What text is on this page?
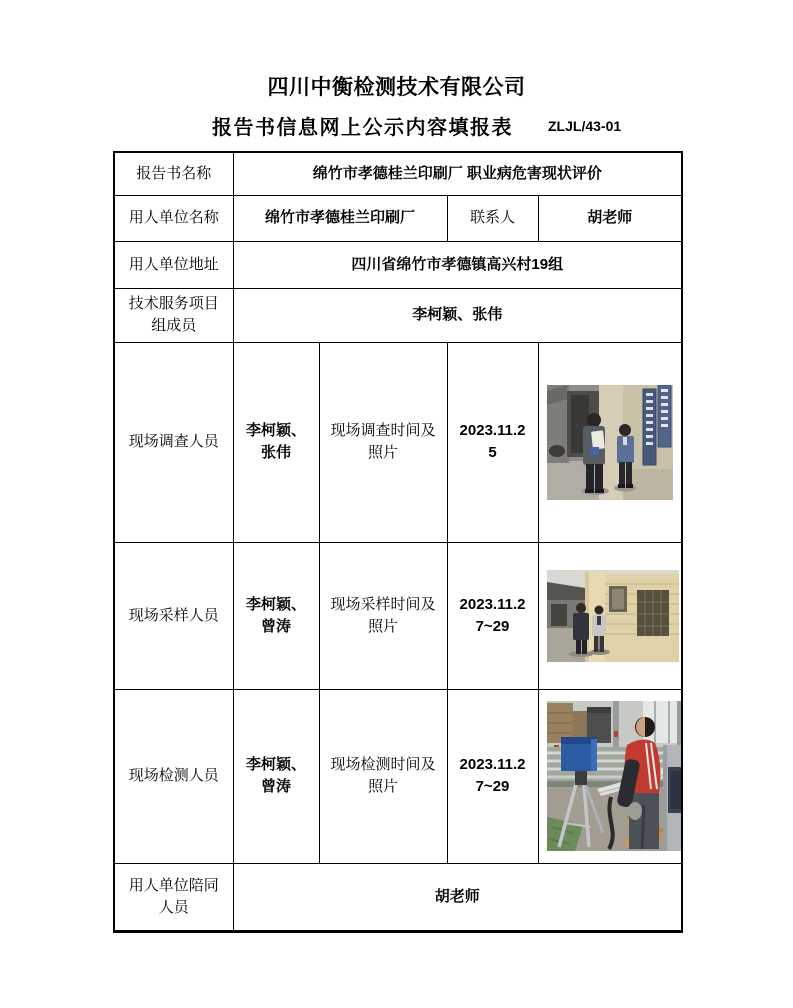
四川中衡检测技术有限公司
报告书信息网上公示内容填报表	ZLJL/43-01
报告书名称	绵竹市孝德桂兰印刷厂 职业病危害现状评价			
用人单位名称	绵竹市孝德桂兰印刷厂		联系人	胡老师
用人单位地址	四川省绵竹市孝德镇高兴村19组			
技术服务项目组成员	李柯颖、张伟			
现场调查人员	李柯颖、张伟	现场调查时间及照片	2023.11.25	

现场采样人员	李柯颖、曾涛	现场采样时间及照片	2023.11.27~29	

现场检测人员	李柯颖、曾涛	现场检测时间及照片	2023.11.27~29	

用人单位陪同人员	胡老师			
